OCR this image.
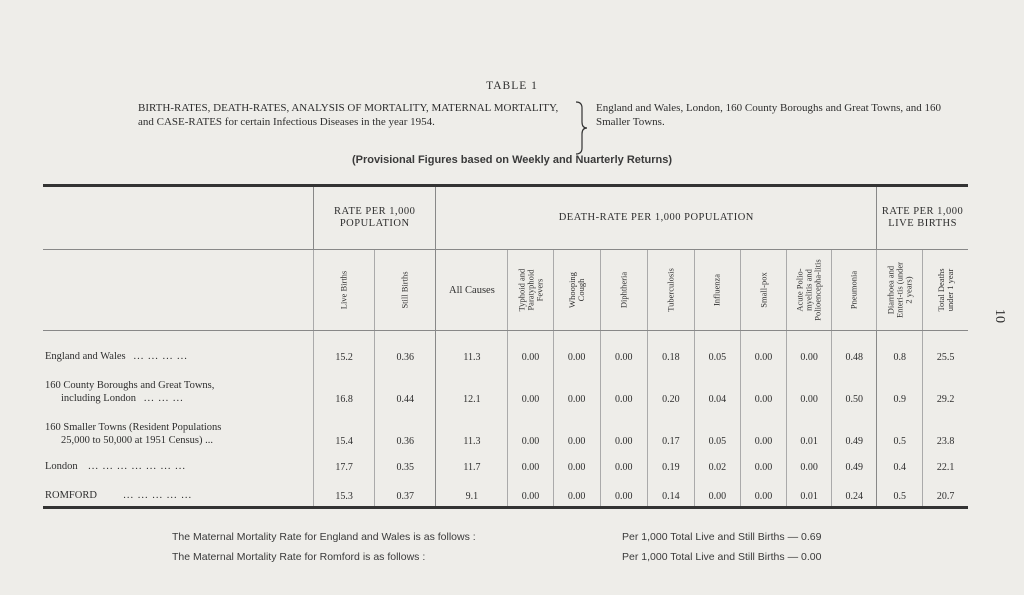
TABLE 1
BIRTH-RATES, DEATH-RATES, ANALYSIS OF MORTALITY, MATERNAL MORTALITY, and CASE-RATES for certain Infectious Diseases in the year 1954.
England and Wales, London, 160 County Boroughs and Great Towns, and 160 Smaller Towns.
(Provisional Figures based on Weekly and Nuarterly Returns)
10
	RATE PER 1,000 POPULATION		DEATH-RATE PER 1,000 POPULATION									RATE PER 1,000 LIVE BIRTHS	

	Live Births	Still Births	All Causes	Typhoid and Paratyphoid Fevers	Whooping Cough	Diphtheria	Tuberculosis	Influenza	Small-pox	Acute Polio-myelitis and Polioencepha-litis	Pneumonia	Diarrhoea and Enteri-tis (under 2 years)	Total Deaths under 1 year

England and Wales ... ... ... ...	15.2	0.36	11.3	0.00	0.00	0.00	0.18	0.05	0.00	0.00	0.48	0.8	25.5

160 County Boroughs and Great Towns,
including London ... ... ...	16.8	0.44	12.1	0.00	0.00	0.00	0.20	0.04	0.00	0.00	0.50	0.9	29.2

160 Smaller Towns (Resident Populations
25,000 to 50,000 at 1951 Census) ...	15.4	0.36	11.3	0.00	0.00	0.00	0.17	0.05	0.00	0.01	0.49	0.5	23.8
London ... ... ... ... ... ... ...	17.7	0.35	11.7	0.00	0.00	0.00	0.19	0.02	0.00	0.00	0.49	0.4	22.1
ROMFORD ... ... ... ... ...	15.3	0.37	9.1	0.00	0.00	0.00	0.14	0.00	0.00	0.01	0.24	0.5	20.7
The Maternal Mortality Rate for England and Wales is as follows :	Per 1,000 Total Live and Still Births — 0.69
The Maternal Mortality Rate for Romford is as follows :	Per 1,000 Total Live and Still Births — 0.00
